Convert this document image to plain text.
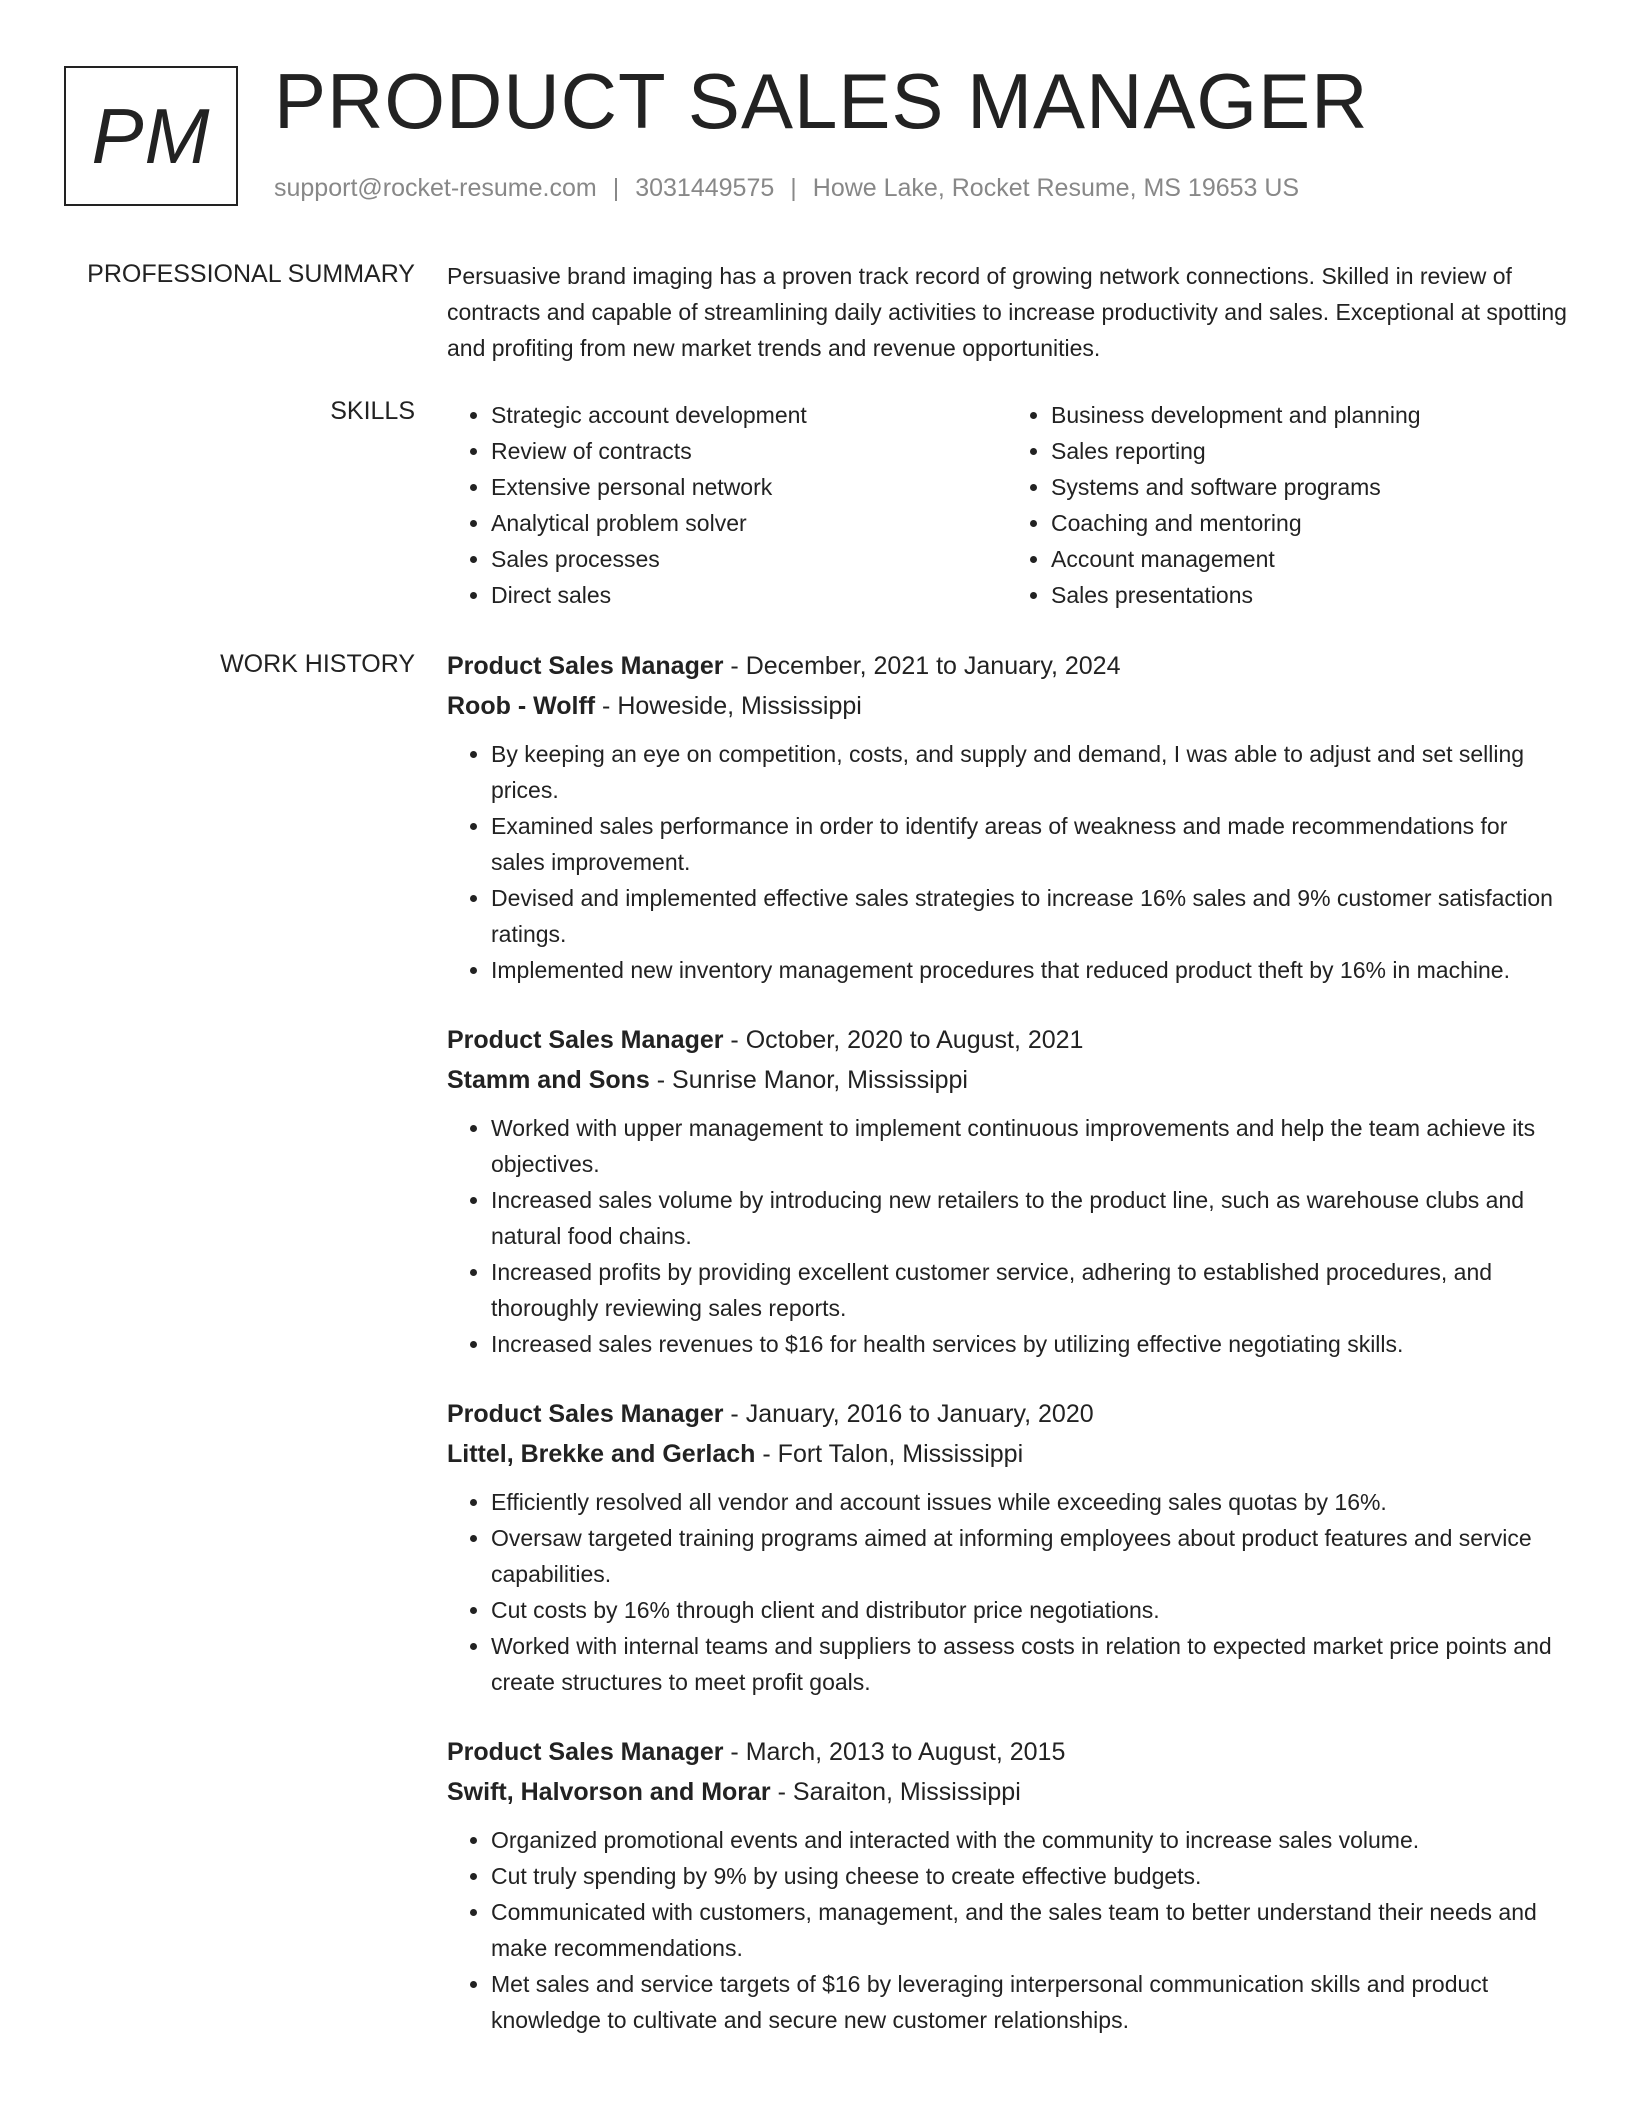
PM PRODUCT SALES MANAGER
support@rocket-resume.com | 3031449575 | Howe Lake, Rocket Resume, MS 19653 US
PROFESSIONAL SUMMARY Persuasive brand imaging has a proven track record of growing network connections. Skilled in review of contracts and capable of streamlining daily activities to increase productivity and sales. Exceptional at spotting and profiting from new market trends and revenue opportunities.

SKILLS
•	Strategic account development
• Review of contracts
• Extensive personal network
• Analytical problem solver
• Sales processes
• Direct sales
• Business development and planning
• Sales reporting
• Systems and software programs
• Coaching and mentoring
• Account management
• Sales presentations
WORK HISTORY Product Sales Manager - December, 2021 to January, 2024
Roob - Wolff - Howeside, Mississippi
• By keeping an eye on competition, costs, and supply and demand, I was able to adjust and set selling prices.
• Examined sales performance in order to identify areas of weakness and made recommendations for sales improvement.
• Devised and implemented effective sales strategies to increase 16% sales and 9% customer satisfaction ratings.
• Implemented new inventory management procedures that reduced product theft by 16% in machine.
Product Sales Manager - October, 2020 to August, 2021
Stamm and Sons - Sunrise Manor, Mississippi
• Worked with upper management to implement continuous improvements and help the team achieve its objectives.
• Increased sales volume by introducing new retailers to the product line, such as warehouse clubs and natural food chains.
• Increased profits by providing excellent customer service, adhering to established procedures, and thoroughly reviewing sales reports.
• Increased sales revenues to $16 for health services by utilizing effective negotiating skills.
Product Sales Manager - January, 2016 to January, 2020
Littel, Brekke and Gerlach - Fort Talon, Mississippi
• Efficiently resolved all vendor and account issues while exceeding sales quotas by 16%.
• Oversaw targeted training programs aimed at informing employees about product features and service capabilities.
• Cut costs by 16% through client and distributor price negotiations.
• Worked with internal teams and suppliers to assess costs in relation to expected market price points and create structures to meet profit goals.
Product Sales Manager - March, 2013 to August, 2015
Swift, Halvorson and Morar - Saraiton, Mississippi
• Organized promotional events and interacted with the community to increase sales volume.
• Cut truly spending by 9% by using cheese to create effective budgets.
• Communicated with customers, management, and the sales team to better understand their needs and make recommendations.
• Met sales and service targets of $16 by leveraging interpersonal communication skills and product knowledge to cultivate and secure new customer relationships.
